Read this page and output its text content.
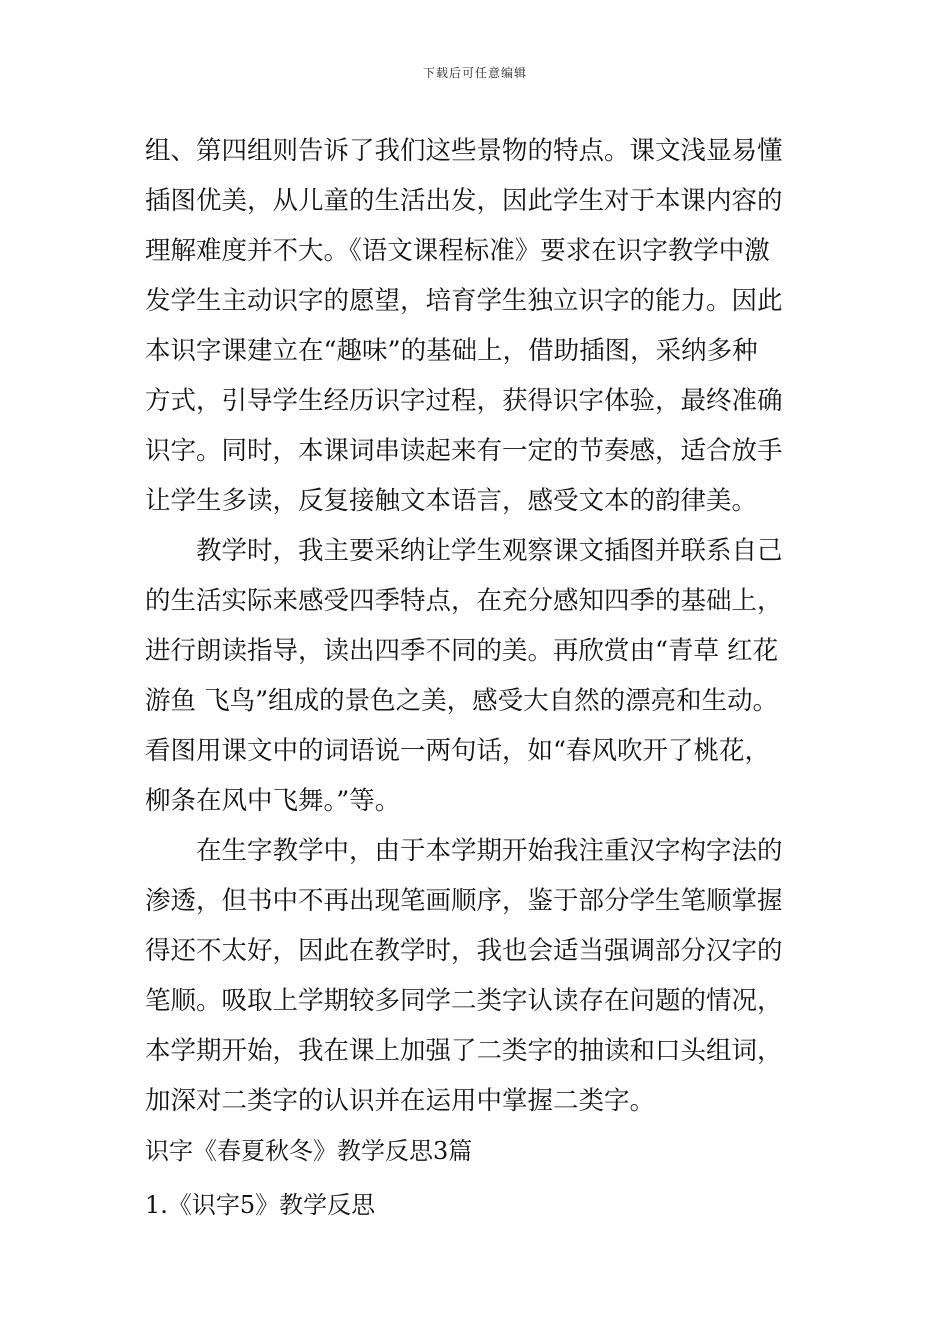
下载后可任意编辑
组、第四组则告诉了我们这些景物的特点。课文浅显易懂
插图优美，从儿童的生活出发，因此学生对于本课内容的
理解难度并不大。《语文课程标准》要求在识字教学中激
发学生主动识字的愿望，培育学生独立识字的能力。因此
本识字课建立在“趣味”的基础上，借助插图，采纳多种
方式，引导学生经历识字过程，获得识字体验，最终准确
识字。同时，本课词串读起来有一定的节奏感，适合放手
让学生多读，反复接触文本语言，感受文本的韵律美。
教学时，我主要采纳让学生观察课文插图并联系自己
的生活实际来感受四季特点，在充分感知四季的基础上，
进行朗读指导，读出四季不同的美。再欣赏由“青草 红花
游鱼 飞鸟”组成的景色之美，感受大自然的漂亮和生动。
看图用课文中的词语说一两句话，如“春风吹开了桃花，
柳条在风中飞舞。”等。
在生字教学中，由于本学期开始我注重汉字构字法的
渗透，但书中不再出现笔画顺序，鉴于部分学生笔顺掌握
得还不太好，因此在教学时，我也会适当强调部分汉字的
笔顺。吸取上学期较多同学二类字认读存在问题的情况，
本学期开始，我在课上加强了二类字的抽读和口头组词，
加深对二类字的认识并在运用中掌握二类字。
识字《春夏秋冬》教学反思3篇
1.《识字5》教学反思
